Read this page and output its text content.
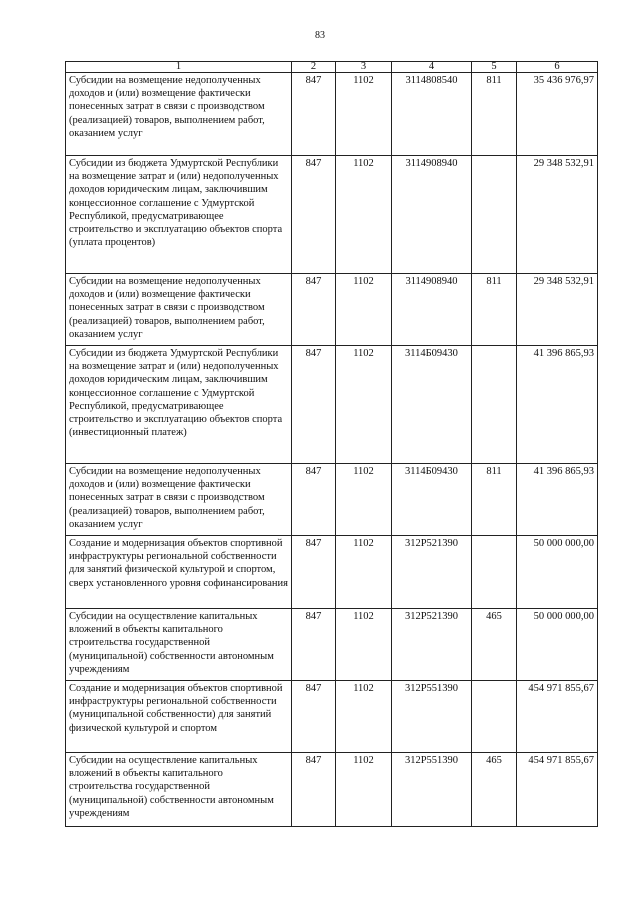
83
1	2	3	4	5	6
Субсидии на возмещение недополученных доходов и (или) возмещение фактически понесенных затрат в связи с производством (реализацией) товаров, выполнением работ, оказанием услуг	847	1102	3114808540	811	35 436 976,97
Субсидии из бюджета Удмуртской Республики на возмещение затрат и (или) недополученных доходов юридическим лицам, заключившим концессионное соглашение с Удмуртской Республикой, предусматривающее строительство и эксплуатацию объектов спорта (уплата процентов)	847	1102	3114908940		29 348 532,91
Субсидии на возмещение недополученных доходов и (или) возмещение фактически понесенных затрат в связи с производством (реализацией) товаров, выполнением работ, оказанием услуг	847	1102	3114908940	811	29 348 532,91
Субсидии из бюджета Удмуртской Республики на возмещение затрат и (или) недополученных доходов юридическим лицам, заключившим концессионное соглашение с Удмуртской Республикой, предусматривающее строительство и эксплуатацию объектов спорта (инвестиционный платеж)	847	1102	3114Б09430		41 396 865,93
Субсидии на возмещение недополученных доходов и (или) возмещение фактически понесенных затрат в связи с производством (реализацией) товаров, выполнением работ, оказанием услуг	847	1102	3114Б09430	811	41 396 865,93
Создание и модернизация объектов спортивной инфраструктуры региональной собственности для занятий физической культурой и спортом, сверх установленного уровня софинансирования	847	1102	312P521390		50 000 000,00
Субсидии на осуществление капитальных вложений в объекты капитального строительства государственной (муниципальной) собственности автономным учреждениям	847	1102	312P521390	465	50 000 000,00
Создание и модернизация объектов спортивной инфраструктуры региональной собственности (муниципальной собственности) для занятий физической культурой и спортом	847	1102	312P551390		454 971 855,67
Субсидии на осуществление капитальных вложений в объекты капитального строительства государственной (муниципальной) собственности автономным учреждениям	847	1102	312P551390	465	454 971 855,67
